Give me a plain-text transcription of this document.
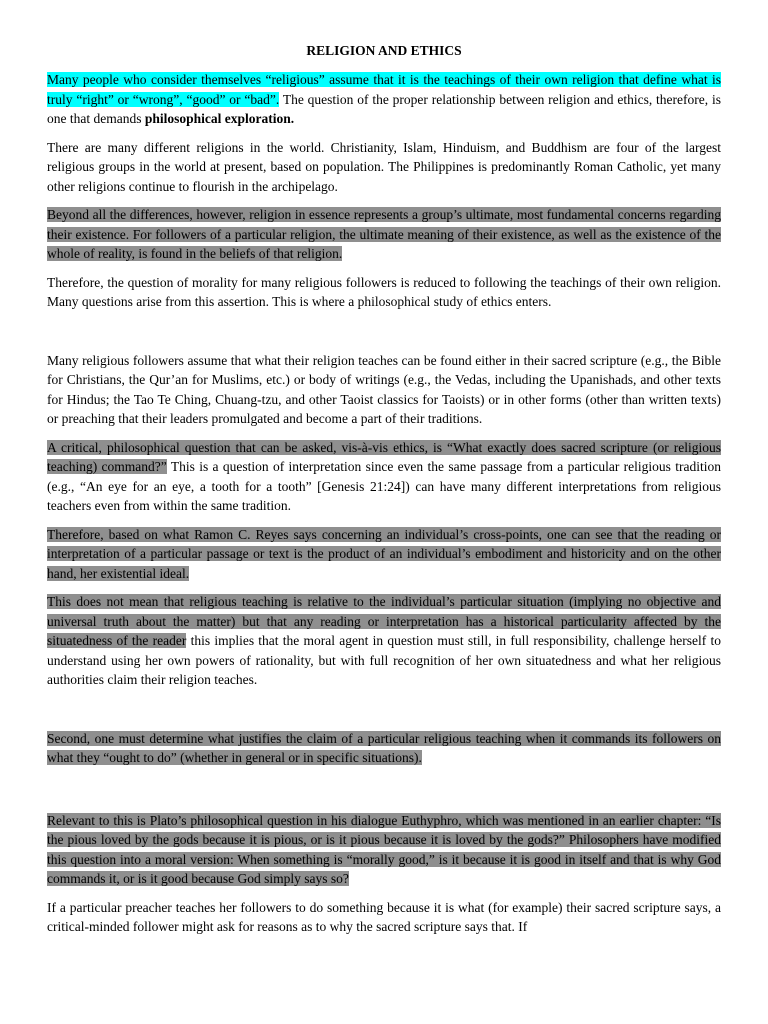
RELIGION AND ETHICS

Many people who consider themselves “religious” assume that it is the teachings of their own religion that define what is truly “right” or “wrong”, “good” or “bad”. The question of the proper relationship between religion and ethics, therefore, is one that demands philosophical exploration.

There are many different religions in the world. Christianity, Islam, Hinduism, and Buddhism are four of the largest religious groups in the world at present, based on population. The Philippines is predominantly Roman Catholic, yet many other religions continue to flourish in the archipelago.

Beyond all the differences, however, religion in essence represents a group’s ultimate, most fundamental concerns regarding their existence. For followers of a particular religion, the ultimate meaning of their existence, as well as the existence of the whole of reality, is found in the beliefs of that religion.

Therefore, the question of morality for many religious followers is reduced to following the teachings of their own religion. Many questions arise from this assertion. This is where a philosophical study of ethics enters.

Many religious followers assume that what their religion teaches can be found either in their sacred scripture (e.g., the Bible for Christians, the Qur’an for Muslims, etc.) or body of writings (e.g., the Vedas, including the Upanishads, and other texts for Hindus; the Tao Te Ching, Chuang-tzu, and other Taoist classics for Taoists) or in other forms (other than written texts) or preaching that their leaders promulgated and become a part of their traditions.

A critical, philosophical question that can be asked, vis-à-vis ethics, is “What exactly does sacred scripture (or religious teaching) command?” This is a question of interpretation since even the same passage from a particular religious tradition (e.g., “An eye for an eye, a tooth for a tooth” [Genesis 21:24]) can have many different interpretations from religious teachers even from within the same tradition.

Therefore, based on what Ramon C. Reyes says concerning an individual’s cross-points, one can see that the reading or interpretation of a particular passage or text is the product of an individual’s embodiment and historicity and on the other hand, her existential ideal.

This does not mean that religious teaching is relative to the individual’s particular situation (implying no objective and universal truth about the matter) but that any reading or interpretation has a historical particularity affected by the situatedness of the reader this implies that the moral agent in question must still, in full responsibility, challenge herself to understand using her own powers of rationality, but with full recognition of her own situatedness and what her religious authorities claim their religion teaches.

Second, one must determine what justifies the claim of a particular religious teaching when it commands its followers on what they “ought to do” (whether in general or in specific situations).

Relevant to this is Plato’s philosophical question in his dialogue Euthyphro, which was mentioned in an earlier chapter: “Is the pious loved by the gods because it is pious, or is it pious because it is loved by the gods?” Philosophers have modified this question into a moral version: When something is “morally good,” is it because it is good in itself and that is why God commands it, or is it good because God simply says so?

If a particular preacher teaches her followers to do something because it is what (for example) their sacred scripture says, a critical-minded follower might ask for reasons as to why the sacred scripture says that. If
